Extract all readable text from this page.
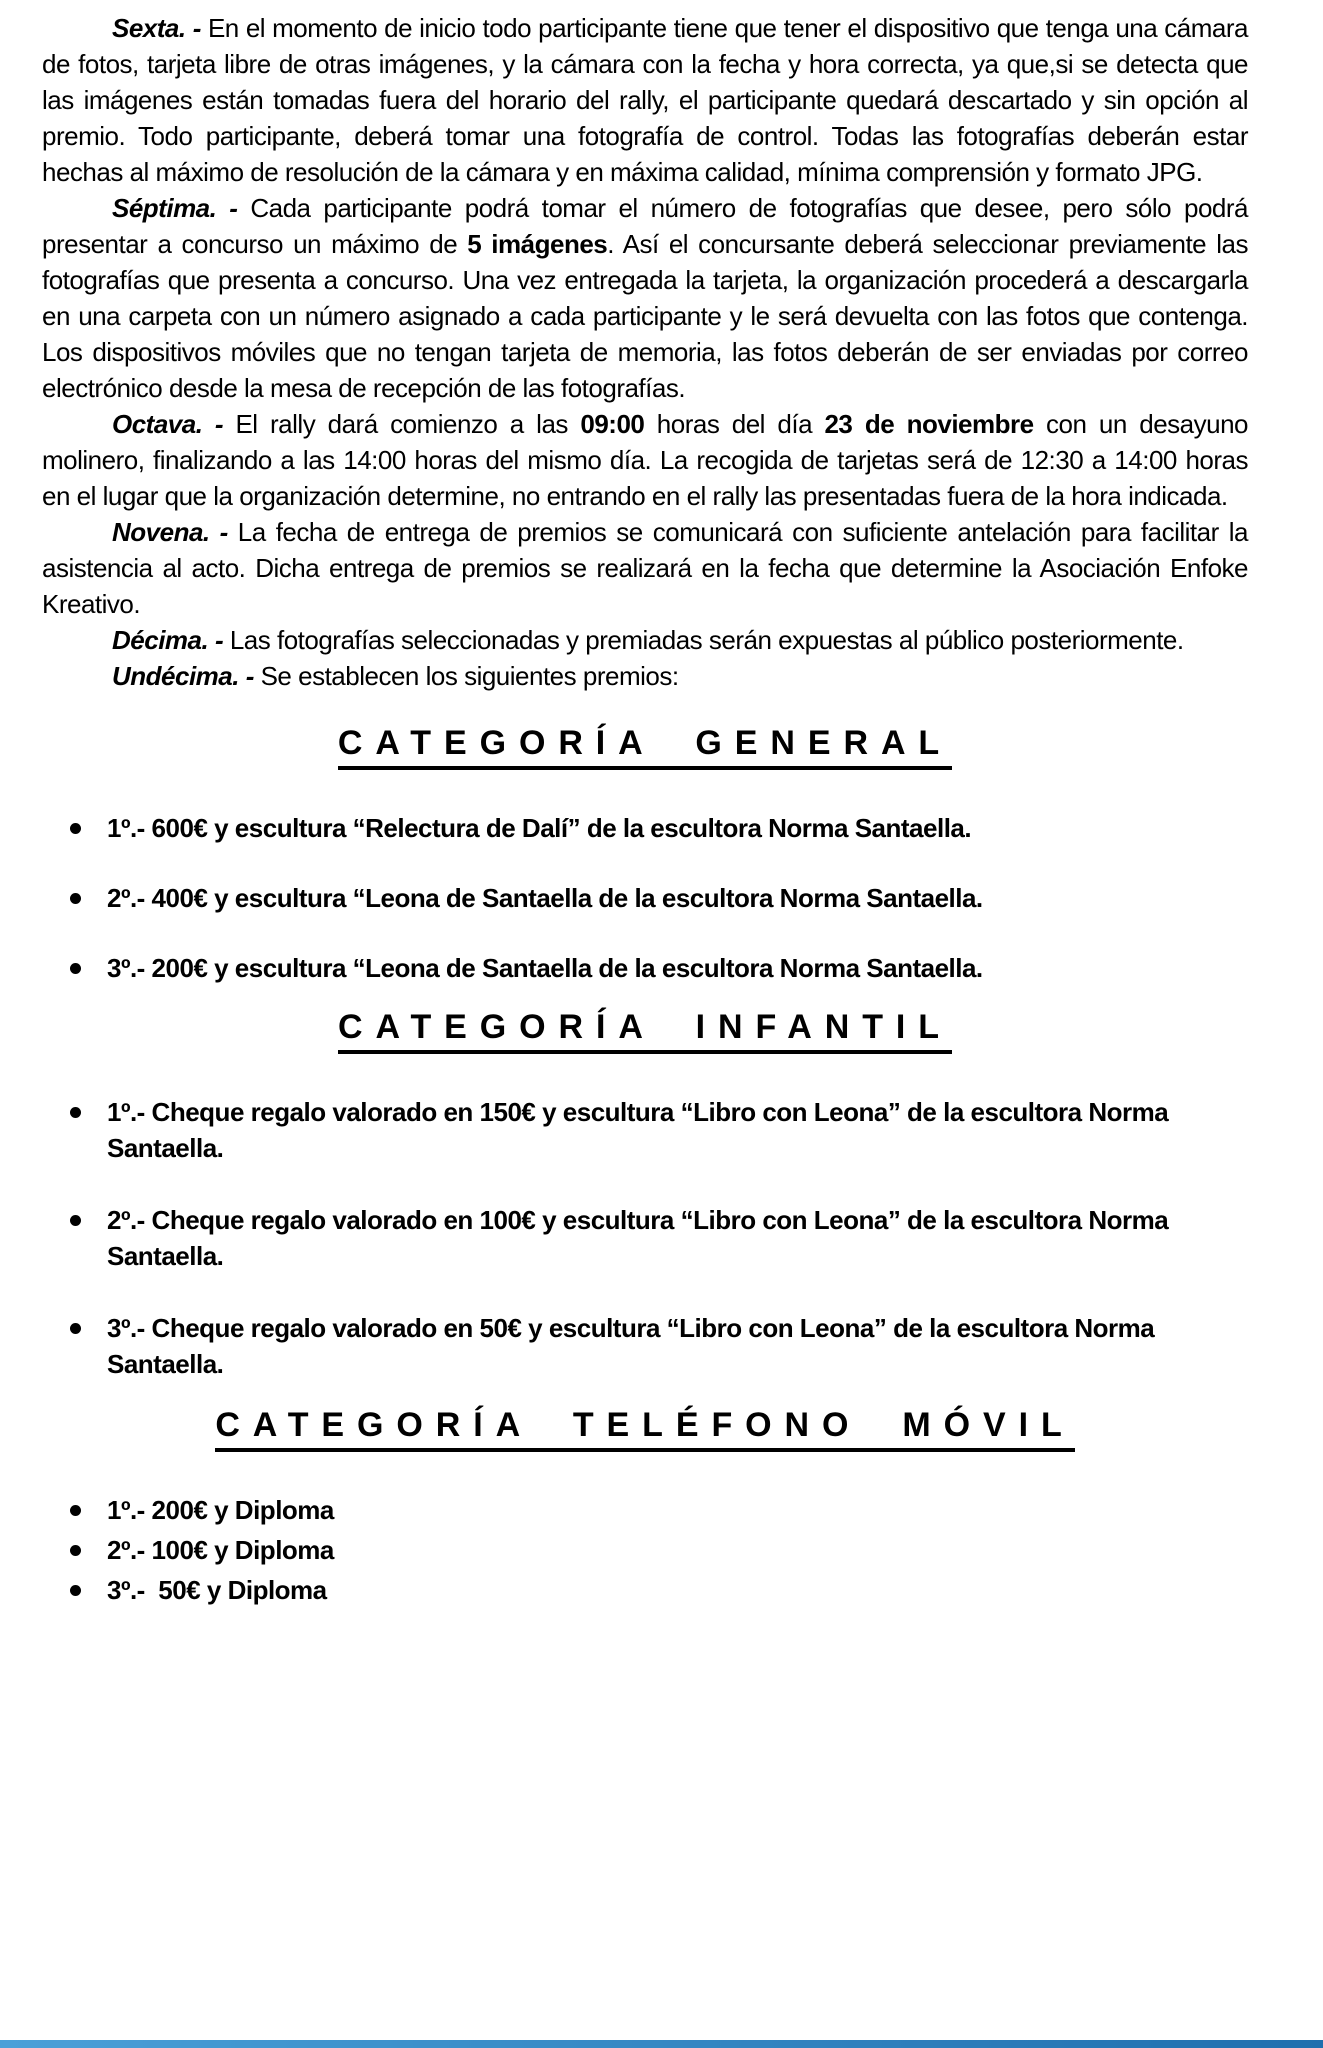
Sexta. - En el momento de inicio todo participante tiene que tener el dispositivo que tenga una cámara de fotos, tarjeta libre de otras imágenes, y la cámara con la fecha y hora correcta, ya que,si se detecta que las imágenes están tomadas fuera del horario del rally, el participante quedará descartado y sin opción al premio. Todo participante, deberá tomar una fotografía de control. Todas las fotografías deberán estar hechas al máximo de resolución de la cámara y en máxima calidad, mínima comprensión y formato JPG.

Séptima. - Cada participante podrá tomar el número de fotografías que desee, pero sólo podrá presentar a concurso un máximo de 5 imágenes. Así el concursante deberá seleccionar previamente las fotografías que presenta a concurso. Una vez entregada la tarjeta, la organización procederá a descargarla en una carpeta con un número asignado a cada participante y le será devuelta con las fotos que contenga. Los dispositivos móviles que no tengan tarjeta de memoria, las fotos deberán de ser enviadas por correo electrónico desde la mesa de recepción de las fotografías.

Octava. - El rally dará comienzo a las 09:00 horas del día 23 de noviembre con un desayuno molinero, finalizando a las 14:00 horas del mismo día. La recogida de tarjetas será de 12:30 a 14:00 horas en el lugar que la organización determine, no entrando en el rally las presentadas fuera de la hora indicada.

Novena. - La fecha de entrega de premios se comunicará con suficiente antelación para facilitar la asistencia al acto. Dicha entrega de premios se realizará en la fecha que determine la Asociación Enfoke Kreativo.

Décima. - Las fotografías seleccionadas y premiadas serán expuestas al público posteriormente.

Undécima. - Se establecen los siguientes premios:

CATEGORÍA GENERAL
1º.- 600€ y escultura “Relectura de Dalí” de la escultora Norma Santaella.
2º.- 400€ y escultura “Leona de Santaella de la escultora Norma Santaella.
3º.- 200€ y escultura “Leona de Santaella de la escultora Norma Santaella.
CATEGORÍA INFANTIL
1º.- Cheque regalo valorado en 150€ y escultura “Libro con Leona” de la escultora Norma Santaella.
2º.- Cheque regalo valorado en 100€ y escultura “Libro con Leona” de la escultora Norma Santaella.
3º.- Cheque regalo valorado en 50€ y escultura “Libro con Leona” de la escultora Norma Santaella.
CATEGORÍA TELÉFONO MÓVIL
1º.- 200€ y Diploma
2º.- 100€ y Diploma
3º.-  50€ y Diploma
